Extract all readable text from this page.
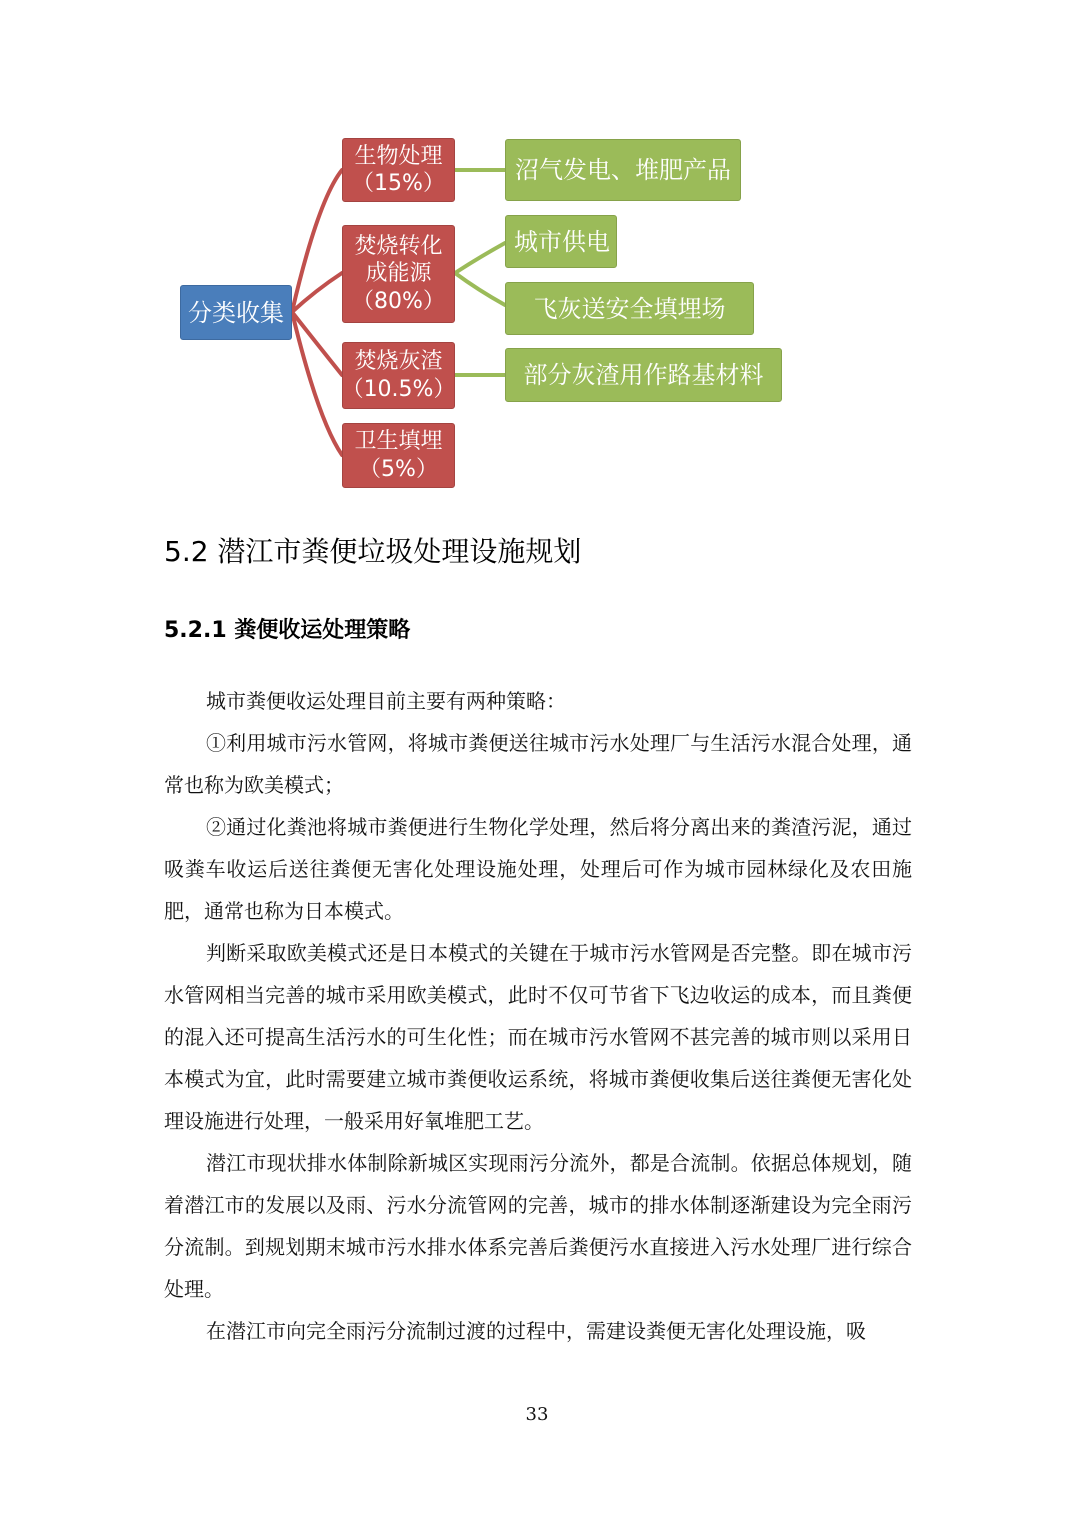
分类收集
生物处理
（15%）
焚烧转化
成能源
（80%）
焚烧灰渣
（10.5%）
卫生填埋
（5%）
沼气发电、堆肥产品
城市供电
飞灰送安全填埋场
部分灰渣用作路基材料
5.2 潜江市粪便垃圾处理设施规划
5.2.1 粪便收运处理策略

城市粪便收运处理目前主要有两种策略：

①利用城市污水管网，将城市粪便送往城市污水处理厂与生活污水混合处理，通常也称为欧美模式；

②通过化粪池将城市粪便进行生物化学处理，然后将分离出来的粪渣污泥，通过吸粪车收运后送往粪便无害化处理设施处理，处理后可作为城市园林绿化及农田施肥，通常也称为日本模式。

判断采取欧美模式还是日本模式的关键在于城市污水管网是否完整。即在城市污水管网相当完善的城市采用欧美模式，此时不仅可节省下飞边收运的成本，而且粪便的混入还可提高生活污水的可生化性；而在城市污水管网不甚完善的城市则以采用日本模式为宜，此时需要建立城市粪便收运系统，将城市粪便收集后送往粪便无害化处理设施进行处理，一般采用好氧堆肥工艺。

潜江市现状排水体制除新城区实现雨污分流外，都是合流制。依据总体规划，随着潜江市的发展以及雨、污水分流管网的完善，城市的排水体制逐渐建设为完全雨污分流制。到规划期末城市污水排水体系完善后粪便污水直接进入污水处理厂进行综合处理。

在潜江市向完全雨污分流制过渡的过程中，需建设粪便无害化处理设施，吸

33
